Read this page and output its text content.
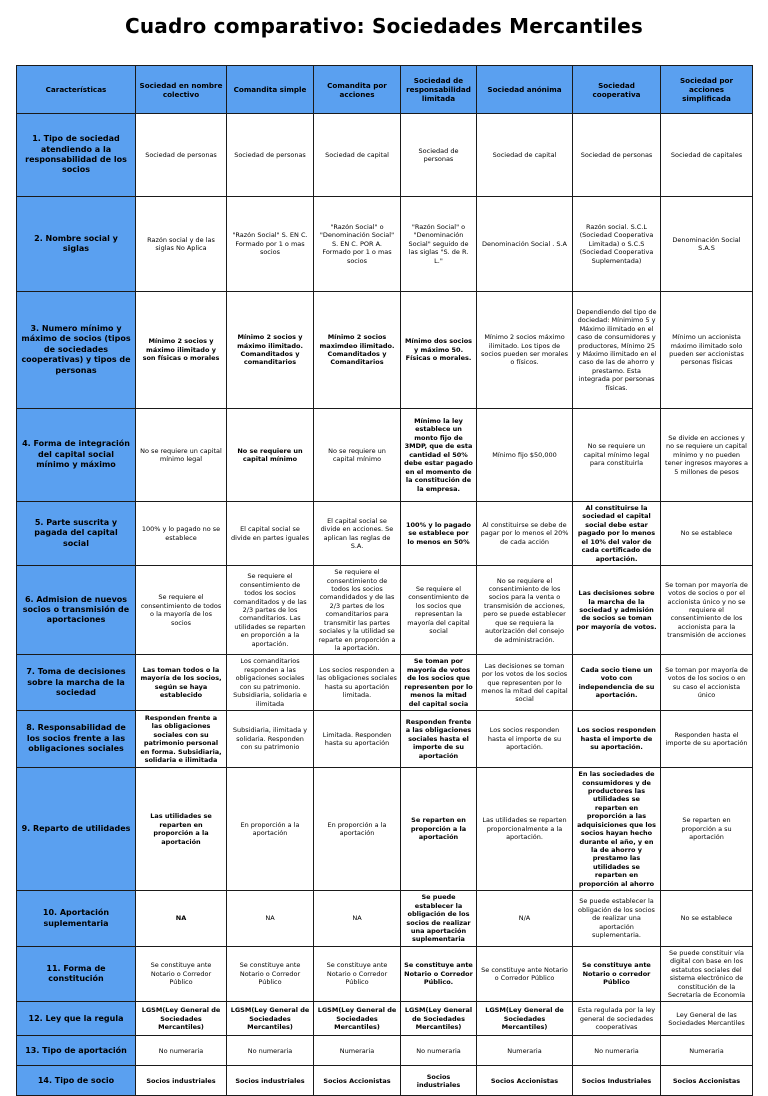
Cuadro comparativo: Sociedades Mercantiles
Características	Sociedad en nombre colectivo	Comandita simple	Comandita por acciones	Sociedad de responsabilidad limitada	Sociedad anónima	Sociedad cooperativa	Sociedad por acciones simplificada
1. Tipo de sociedad atendiendo a la responsabilidad de los socios	Sociedad de personas	Sociedad de personas	Sociedad de capital	Sociedad de personas	Sociedad de capital	Sociedad de personas	Sociedad de capitales
2. Nombre social y siglas	Razón social y de las siglas No Aplica	"Razón Social" S. EN C. Formado por 1 o mas socios	"Razón Social" o "Denominación Social" S. EN C. POR A. Formado por 1 o mas socios	"Razón Social" o "Denominación Social" seguido de las siglas "S. de R. L."	Denominación Social . S.A	Razón social. S.C.L (Sociedad Cooperativa Limitada) o S.C.S (Sociedad Cooperativa Suplementada)	Denominación Social S.A.S
3. Numero mínimo y máximo de socios (tipos de sociedades cooperativas) y tipos de personas	Mínimo 2 socios y máximo ilimitado y son físicas o morales	Mínimo 2 socios y máximo ilimitado. Comanditados y comanditarios	Mínimo 2 socios maximdeo ilimitado. Comanditados y Comanditarios	Mínimo dos socios y máximo 50. Físicas o morales.	Mínimo 2 socios máximo ilimitado. Los tipos de socios pueden ser morales o físicos.	Dependiendo del tipo de dociedad: Mínimimo 5 y Máximo ilimitado en el caso de consumidores y productores, Mínimo 25 y Máximo ilimitado en el caso de las de ahorro y prestamo. Esta integrada por personas físicas.	Mínimo un accionista máximo ilimitado solo pueden ser accionistas personas físicas
4. Forma de integración del capital social mínimo y máximo	No se requiere un capital mínimo legal	No se requiere un capital mínimo	No se requiere un capital mínimo	Mínimo la ley establece un monto fijo de 3MDP, que de esta cantidad el 50% debe estar pagado en el momento de la constitución de la empresa.	Mínimo fijo $50,000	No se requiere un capital mínimo legal para constituirla	Se divide en acciones y no se requiere un capital mínimo y no pueden tener ingresos mayores a 5 millones de pesos
5. Parte suscrita y pagada del capital social	100% y lo pagado no se establece	El capital social se divide en partes iguales	El capital social se divide en acciones. Se aplican las reglas de S.A.	100% y lo pagado se establece por lo menos en 50%	Al constituirse se debe de pagar por lo menos el 20% de cada acción	Al constituirse la sociedad el capital social debe estar pagado por lo menos el 10% del valor de cada certificado de aportación.	No se establece
6. Admision de nuevos socios o transmisión de aportaciones	Se requiere el consentimiento de todos o la mayoría de los socios	Se requiere el consentimiento de todos los socios comanditados y de las 2/3 partes de los comanditarios. Las utilidades se reparten en proporción a la aportación.	Se requiere el consentimiento de todos los socios comandidados y de las 2/3 partes de los comanditarios para transmitir las partes sociales y la utilidad se reparte en proporción a la aportación.	Se requiere el consentimiento de los socios que representan la mayoría del capital social	No se requiere el consentimiento de los socios para la venta o transmisión de acciones, pero se puede establecer que se requiera la autorización del consejo de administración.	Las decisiones sobre la marcha de la sociedad y admisión de socios se toman por mayoría de votos.	Se toman por mayoría de votos de socios o por el accionista único y no se requiere el consentimiento de los accionista para la transmisión de acciones
7. Toma de decisiones sobre la marcha de la sociedad	Las toman todos o la mayoría de los socios, según se haya establecido	Los comanditarios responden a las obligaciones sociales con su patrimonio. Subsidiaria, solidaria e ilimitada	Los socios responden a las obligaciones sociales hasta su aportación limitada.	Se toman por mayoría de votos de los socios que representen por lo menos la mitad del capital socia	Las decisiones se toman por los votos de los socios que representen por lo menos la mitad del capital social	Cada socio tiene un voto con independencia de su aportación.	Se toman por mayoría de votos de los socios o en su caso el accionista único
8. Responsabilidad de los socios frente a las obligaciones sociales	Responden frente a las obligaciones sociales con su patrimonio personal en forma. Subsidiaria, solidaria e ilimitada	Subsidiaria, ilimitada y solidaria. Responden con su patrimonio	Limitada. Responden hasta su aportación	Responden frente a las obligaciones sociales hasta el importe de su aportación	Los socios responden hasta el importe de su aportación.	Los socios responden hasta el importe de su aportación.	Responden hasta el importe de su aportación
9. Reparto de utilidades	Las utilidades se reparten en proporción a la aportación	En proporción a la aportación	En proporción a la aportación	Se reparten en proporción a la aportación	Las utilidades se reparten proporcionalmente a la aportación.	En las sociedades de consumidores y de productores las utilidades se reparten en proporción a las adquisiciones que los socios hayan hecho durante el año, y en la de ahorro y prestamo las utilidades se reparten en proporción al ahorro	Se reparten en proporción a su aportación
10. Aportación suplementaria	NA	NA	NA	Se puede establecer la obligación de los socios de realizar una aportación suplementaria	N/A	Se puede establecer la obligación de los socios de realizar una aportación suplementaria.	No se establece
11. Forma de constitución	Se constituye ante Notario o Corredor Público	Se constituye ante Notario o Corredor Público	Se constituye ante Notario o Corredor Público	Se constituye ante Notario o Corredor Público.	Se constituye ante Notario o Corredor Público	Se constituye ante Notario o corredor Público	Se puede constituir vía digital con base en los estatutos sociales del sistema electrónico de constitución de la Secretaría de Economía
12. Ley que la regula	LGSM(Ley General de Sociedades Mercantiles)	LGSM(Ley General de Sociedades Mercantiles)	LGSM(Ley General de Sociedades Mercantiles)	LGSM(Ley General de Sociedades Mercantiles)	LGSM(Ley General de Sociedades Mercantiles)	Esta regulada por la ley general de sociedades cooperativas	Ley General de las Sociedades Mercantiles
13. Tipo de aportación	No numeraria	No numeraria	Numeraria	No numeraria	Numeraria	No numeraria	Numeraria
14. Tipo de socio	Socios industriales	Socios industriales	Socios Accionistas	Socios industriales	Socios Accionistas	Socios Industriales	Socios Accionistas
